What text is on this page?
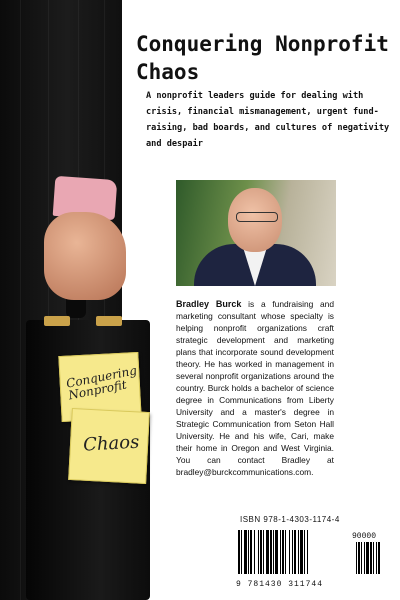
Conquering Nonprofit
Chaos
Conquering Nonprofit Chaos

A nonprofit leaders guide for dealing with crisis, financial mismanagement, urgent fund-raising, bad boards, and cultures of negativity and despair

Bradley Burck is a fundraising and marketing consultant whose specialty is helping nonprofit organizations craft strategic development and marketing plans that incorporate sound development theory. He has worked in management in several nonprofit organizations around the country. Burck holds a bachelor of science degree in Communications from Liberty University and a master's degree in Strategic Communication from Seton Hall University. He and his wife, Cari, make their home in Oregon and West Virginia. You can contact Bradley at bradley@burckcommunications.com.

ISBN 978-1-4303-1174-4
90000
9 781430 311744
